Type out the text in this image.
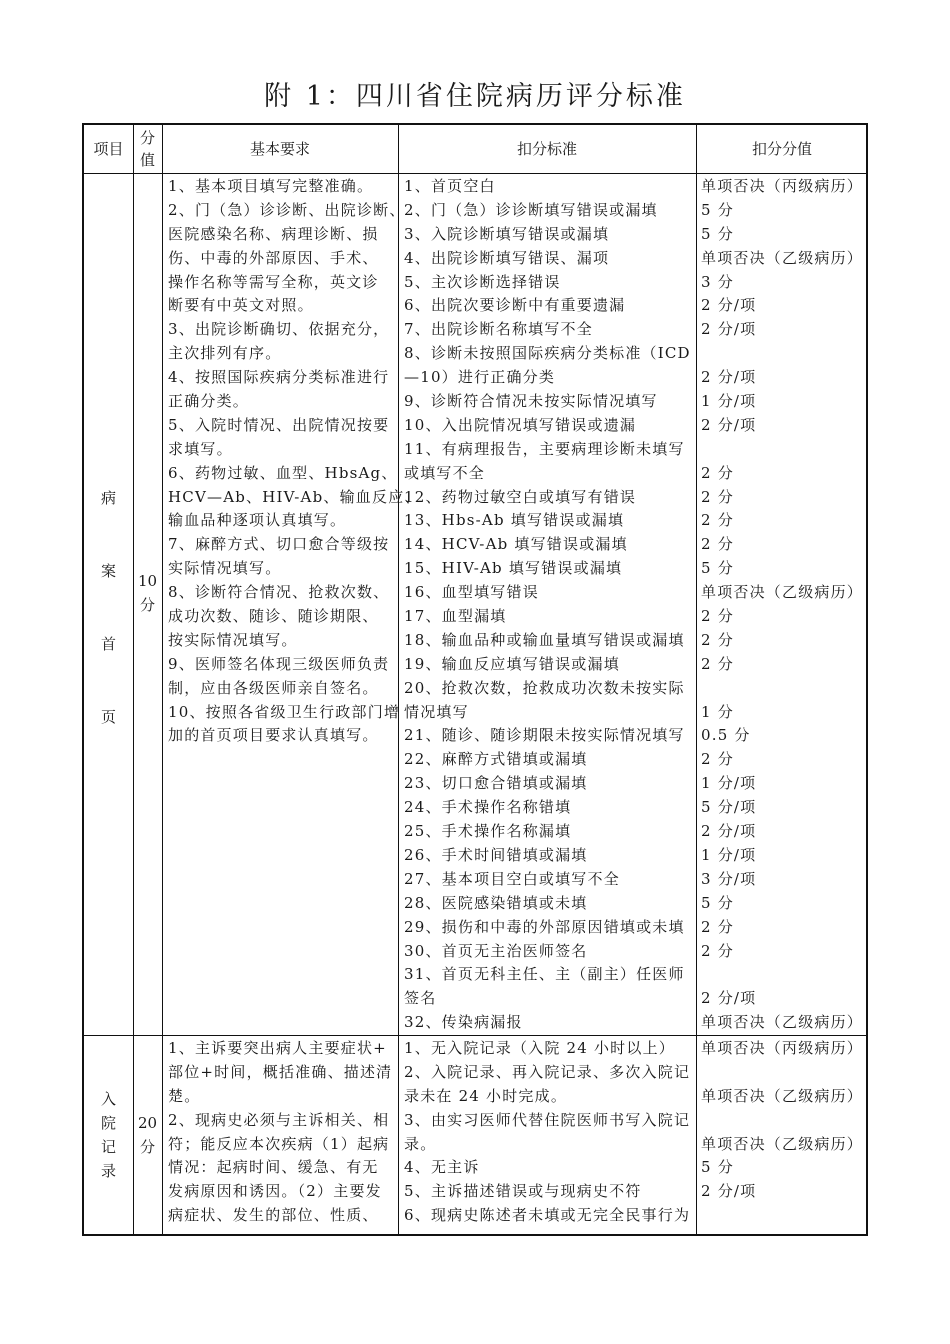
附 1：四川省住院病历评分标准
项目
分值
基本要求	扣分标准	扣分分值
病
案
首
页
10
分
1、基本项目填写完整准确。
2、门（急）诊诊断、出院诊断、
医院感染名称、病理诊断、损
伤、中毒的外部原因、手术、
操作名称等需写全称，英文诊
断要有中英文对照。
3、出院诊断确切、依据充分，
主次排列有序。
4、按照国际疾病分类标准进行
正确分类。
5、入院时情况、出院情况按要
求填写。
6、药物过敏、血型、HbsAg、
HCV—Ab、HIV-Ab、输血反应、
输血品种逐项认真填写。
7、麻醉方式、切口愈合等级按
实际情况填写。
8、诊断符合情况、抢救次数、
成功次数、随诊、随诊期限、
按实际情况填写。
9、医师签名体现三级医师负责
制，应由各级医师亲自签名。
10、按照各省级卫生行政部门增
加的首页项目要求认真填写。
1、首页空白
2、门（急）诊诊断填写错误或漏填
3、入院诊断填写错误或漏填
4、出院诊断填写错误、漏项
5、主次诊断选择错误
6、出院次要诊断中有重要遗漏
7、出院诊断名称填写不全
8、诊断未按照国际疾病分类标准（ICD
—10）进行正确分类
9、诊断符合情况未按实际情况填写
10、入出院情况填写错误或遗漏
11、有病理报告，主要病理诊断未填写
或填写不全
12、药物过敏空白或填写有错误
13、Hbs-Ab 填写错误或漏填
14、HCV-Ab 填写错误或漏填
15、HIV-Ab 填写错误或漏填
16、血型填写错误
17、血型漏填
18、输血品种或输血量填写错误或漏填
19、输血反应填写错误或漏填
20、抢救次数，抢救成功次数未按实际
情况填写
21、随诊、随诊期限未按实际情况填写
22、麻醉方式错填或漏填
23、切口愈合错填或漏填
24、手术操作名称错填
25、手术操作名称漏填
26、手术时间错填或漏填
27、基本项目空白或填写不全
28、医院感染错填或未填
29、损伤和中毒的外部原因错填或未填
30、首页无主治医师签名
31、首页无科主任、主（副主）任医师
签名
32、传染病漏报
单项否决（丙级病历）
5 分
5 分
单项否决（乙级病历）
3 分
2 分/项
2 分/项
2 分/项
1 分/项
2 分/项
2 分
2 分
2 分
2 分
5 分
单项否决（乙级病历）
2 分
2 分
2 分
1 分
0.5 分
2 分
1 分/项
5 分/项
2 分/项
1 分/项
3 分/项
5 分
2 分
2 分
2 分/项
单项否决（乙级病历）
入
院
记
录
20
分
1、主诉要突出病人主要症状+
部位+时间，概括准确、描述清
楚。
2、现病史必须与主诉相关、相
符；能反应本次疾病（1）起病
情况：起病时间、缓急、有无
发病原因和诱因。（2）主要发
病症状、发生的部位、性质、
1、无入院记录（入院 24 小时以上）
2、入院记录、再入院记录、多次入院记
录未在 24 小时完成。
3、由实习医师代替住院医师书写入院记
录。
4、无主诉
5、主诉描述错误或与现病史不符
6、现病史陈述者未填或无完全民事行为
单项否决（丙级病历）
单项否决（乙级病历）
单项否决（乙级病历）
5 分
2 分/项
